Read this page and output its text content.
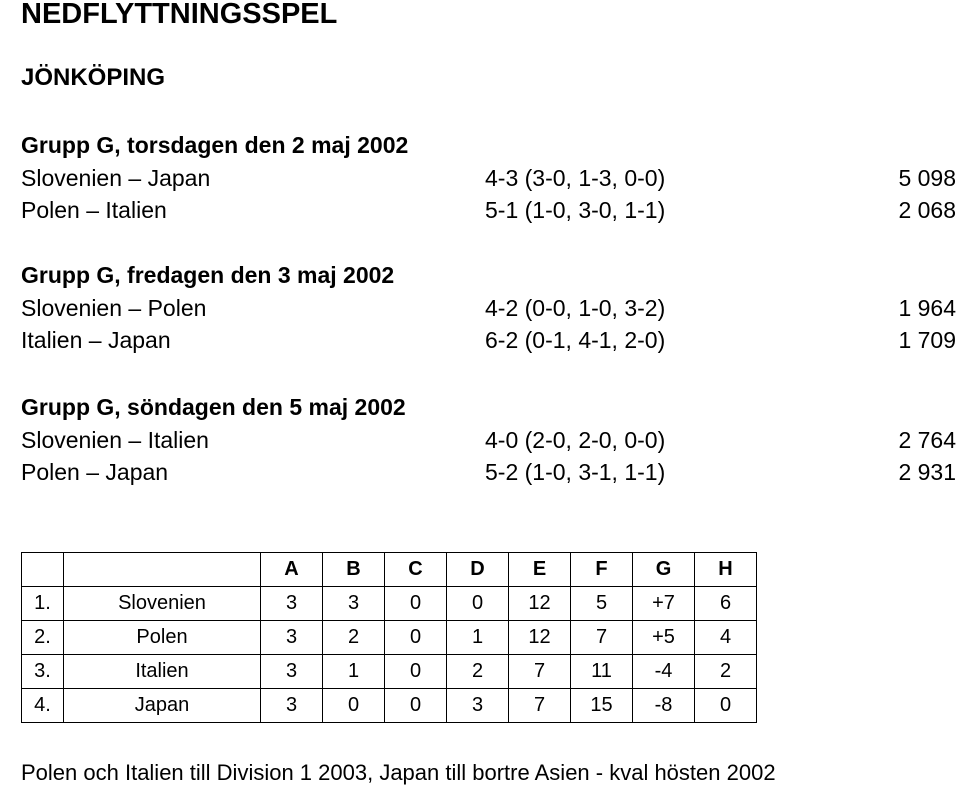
NEDFLYTTNINGSSPEL
JÖNKÖPING
Grupp G, torsdagen den 2 maj 2002
Slovenien – Japan	4-3 (3-0, 1-3, 0-0)	5 098
Polen – Italien	5-1 (1-0, 3-0, 1-1)	2 068
Grupp G, fredagen den 3 maj 2002
Slovenien – Polen	4-2 (0-0, 1-0, 3-2)	1 964
Italien – Japan	6-2 (0-1, 4-1, 2-0)	1 709
Grupp G, söndagen den 5 maj 2002
Slovenien – Italien	4-0 (2-0, 2-0, 0-0)	2 764
Polen – Japan	5-2 (1-0, 3-1, 1-1)	2 931
		A	B	C	D	E	F	G	H
1.	Slovenien	3	3	0	0	12	5	+7	6
2.	Polen	3	2	0	1	12	7	+5	4
3.	Italien	3	1	0	2	7	11	-4	2
4.	Japan	3	0	0	3	7	15	-8	0
Polen och Italien till Division 1 2003, Japan till bortre Asien - kval hösten 2002
